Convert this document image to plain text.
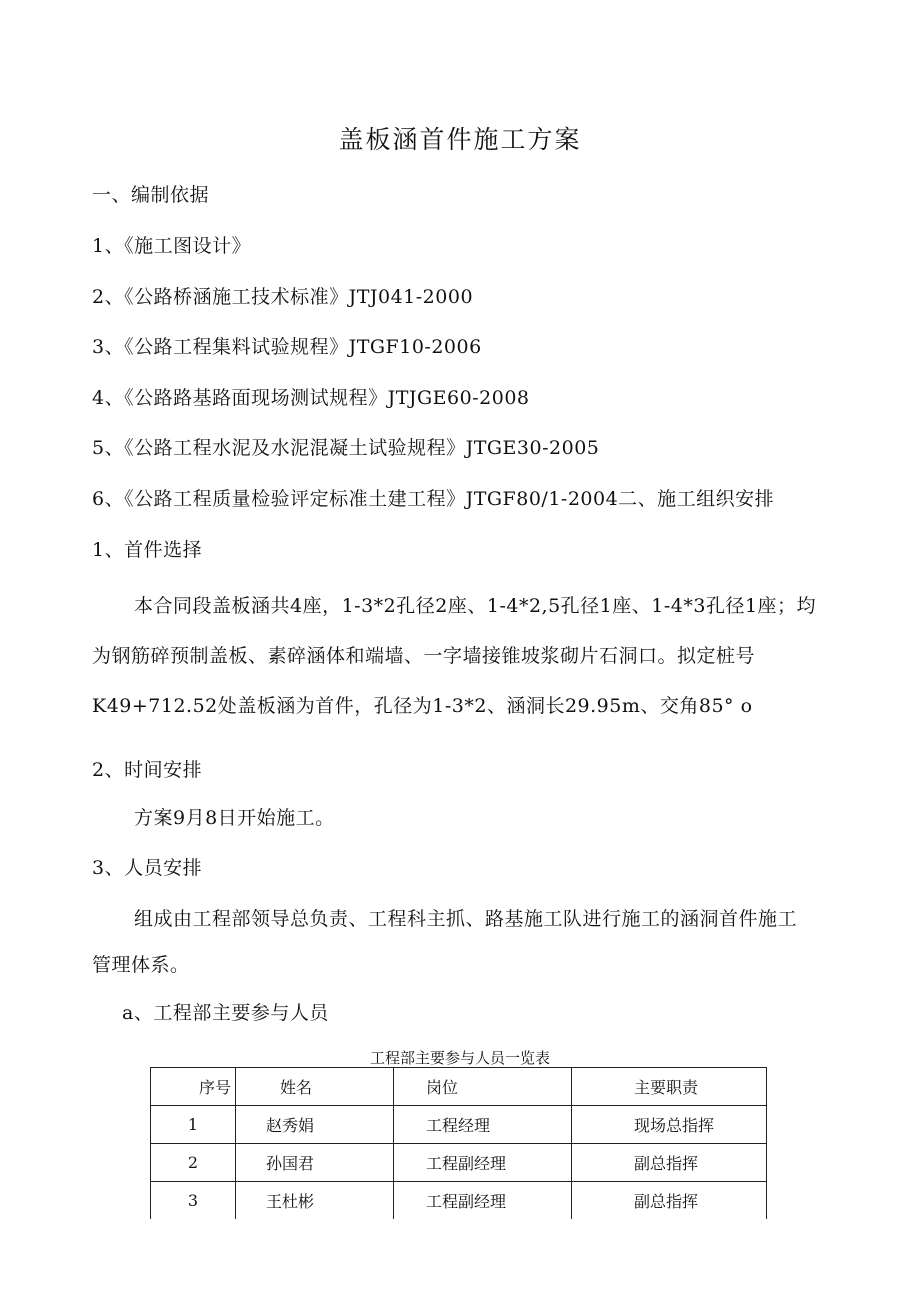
盖板涵首件施工方案
一、编制依据
1、《施工图设计》
2、《公路桥涵施工技术标准》JTJ041-2000
3、《公路工程集料试验规程》JTGF10-2006
4、《公路路基路面现场测试规程》JTJGE60-2008
5、《公路工程水泥及水泥混凝土试验规程》JTGE30-2005
6、《公路工程质量检验评定标准土建工程》JTGF80/1-2004二、施工组织安排
1、首件选择
本合同段盖板涵共4座，1-3*2孔径2座、1-4*2,5孔径1座、1-4*3孔径1座；均
为钢筋碎预制盖板、素碎涵体和端墙、一字墙接锥坡浆砌片石洞口。拟定桩号
K49+712.52处盖板涵为首件，孔径为1-3*2、涵洞长29.95m、交角85° o
2、时间安排
方案9月8日开始施工。
3、人员安排
组成由工程部领导总负责、工程科主抓、路基施工队进行施工的涵洞首件施工
管理体系。
a、工程部主要参与人员
工程部主要参与人员一览表
序号	姓名	岗位	主要职责
1	赵秀娟	工程经理	现场总指挥
2	孙国君	工程副经理	副总指挥
3	王杜彬	工程副经理	副总指挥
